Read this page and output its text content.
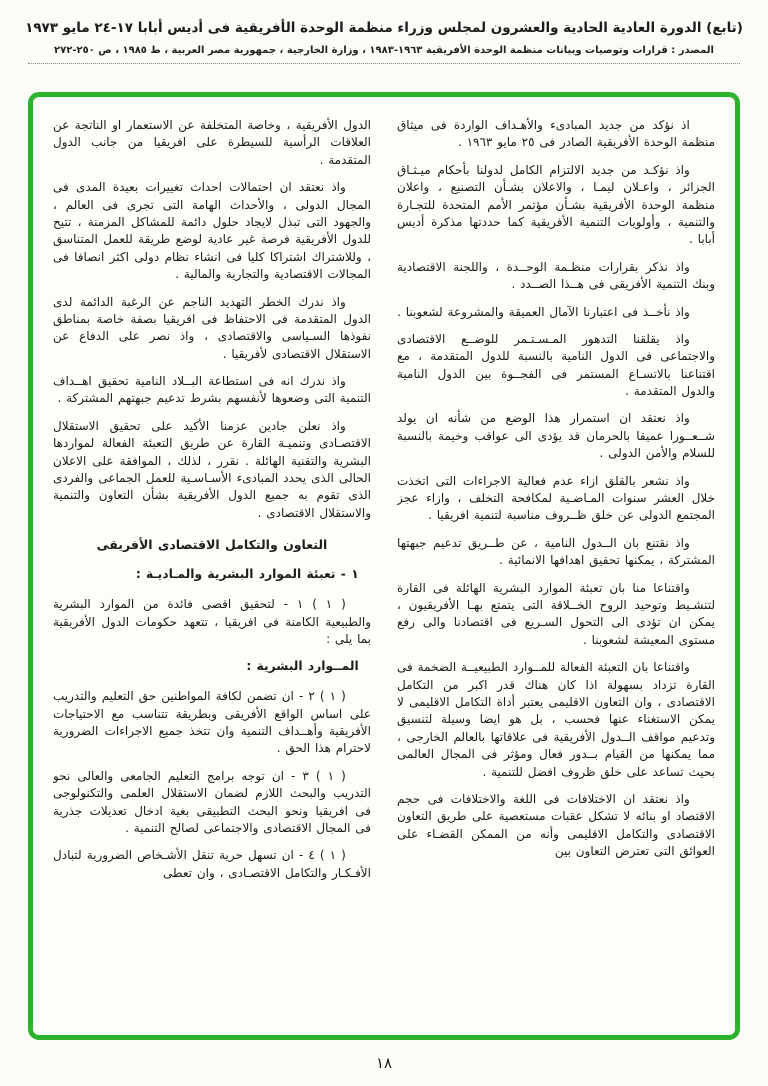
(تابع) الدورة العادية الحادية والعشرون لمجلس وزراء منظمة الوحدة الأفريقية فى أديس أبابا ١٧-٢٤ مايو ١٩٧٣
المصدر : قرارات وتوصيات وبيانات منظمة الوحدة الأفريقية ١٩٦٣-١٩٨٣ ، وزارة الخارجية ، جمهورية مصر العربية ، ط ١٩٨٥ ، ص ٢٥٠-٢٧٢

اذ نؤكد من جديد المبادىء والأهـداف الواردة فى ميثاق منظمة الوحدة الأفريقية الصادر فى ٢٥ مايو ١٩٦٣ .

واذ نؤكـد من جديد الالتزام الكامل لدولنا بأحكام ميـثـاق الجزائر ، واعـلان ليمـا ، والاعلان بشـأن التصنيع ، واعلان منظمة الوحدة الأفريقية بشـأن مؤتمر الأمم المتحدة للتجـارة والتنمية ، وأولويات التنمية الأفريقية كما حددتها مذكرة أديس أبابا .

واذ نذكر بقرارات منظـمة الوحــدة ، واللجنة الاقتصادية وبنك التنمية الأفريقى فى هــذا الصــدد .

واذ نأخــذ فى اعتبارنا الآمال العميقة والمشروعة لشعوبنا .

واذ يقلقنا التدهور المـسـتـمر للوضــع الاقتصادى والاجتماعى فى الدول النامية بالنسبة للدول المتقدمة ، مع اقتناعنا بالاتسـاع المستمر فى الفجــوة بين الدول النامية والدول المتقدمة .

واذ نعتقد ان استمرار هذا الوضع من شأنه ان يولد شــعــورا عميقا بالحرمان قد يؤدى الى عواقب وخيمة بالنسبة للسلام والأمن الدولى .

واذ نشعر بالقلق ازاء عدم فعالية الاجراءات التى اتخذت خلال العشر سنوات المـاضـية لمكافحة التخلف ، وازاء عجز المجتمع الدولى عن خلق ظــروف مناسبة لتنمية افريقيا .

واذ نقتنع بان الــدول النامية ، عن طــريق تدعيم جبهتها المشتركة ، يمكنها تحقيق اهدافها الانمائية .

واقتناعا منا بان تعبئة الموارد البشرية الهائلة فى القارة لتنشـيط وتوحيد الروح الخــلاقة التى يتمتع بهـا الأفريقيون ، يمكن ان تؤدى الى التحول السـريع فى اقتصادنا والى رفع مستوى المعيشة لشعوبنا .

واقتناعا بان التعبئة الفعالة للمــوارد الطبيعيــة الضخمة فى القارة تزداد بسهولة اذا كان هناك قدر اكبر من التكامل الاقتصادى ، وان التعاون الاقليمى يعتبر أداة التكامل الاقليمى لا يمكن الاستغناء عنها فحسب ، بل هو ايضا وسيلة لتنسيق وتدعيم مواقف الــدول الأفريقية فى علاقاتها بالعالم الخارجى ، مما يمكنها من القيام بــدور فعال ومؤثر فى المجال العالمى بحيث تساعد على خلق ظروف افضل للتنمية .

واذ نعتقد ان الاختلافات فى اللغة والاختلافات فى حجم الاقتصاد او بنائه لا تشكل عقبات مستعصية على طريق التعاون الاقتصادى والتكامل الاقليمى وأنه من الممكن القضـاء على العوائق التى تعترض التعاون بين

الدول الأفريقية ، وخاصة المتخلفة عن الاستعمار او الناتجة عن العلاقات الرأسية للسيطرة على افريقيا من جانب الدول المتقدمة .

واذ نعتقد ان احتمالات احداث تغييرات بعيدة المدى فى المجال الدولى ، والأحداث الهامة التى تجرى فى العالم ، والجهود التى تبذل لايجاد حلول دائمة للمشاكل المزمنة ، تتيح للدول الأفريقية فرصة غير عادية لوضع طريقة للعمل المتناسق ، وللاشتراك اشتراكا كليا فى انشاء نظام دولى اكثر انصافا فى المجالات الاقتصادية والتجارية والمالية .

واذ ندرك الخطر التهديد الناجم عن الرغبة الدائمة لدى الدول المتقدمة فى الاحتفاظ فى افريقيا بصفة خاصة بمناطق نفوذها السـياسى والاقتصادى ، واذ نصر على الدفاع عن الاستقلال الاقتصادى لأفريقيا .

واذ ندرك انه فى استطاعة البــلاد النامية تحقيق اهــداف التنمية التى وضعوها لأنفسهم بشرط تدعيم جبهتهم المشتركة .

واذ نعلن جادين عزمنا الأكيد على تحقيق الاستقلال الاقتصـادى وتنميـة القارة عن طريق التعبئة الفعالة لمواردها البشرية والتقنية الهائلة . نقرر ، لذلك ، الموافقة على الاعلان الحالى الذى يحدد المبادىء الأسـاسـية للعمل الجماعى والفردى الذى تقوم به جميع الدول الأفريقية بشأن التعاون والتنمية والاستقلال الاقتصادى .

التعاون والتكامل الاقتصادى الأفريقى

١ - تعبئة الموارد البشرية والمـاديـة :

( ١ ) ١ - لتحقيق اقصى فائدة من الموارد البشرية والطبيعية الكامنة فى افريقيا ، تتعهد حكومات الدول الأفريقية بما يلى :

المــوارد البشرية :

( ١ ) ٢ - ان تضمن لكافة المواطنين حق التعليم والتدريب على اساس الواقع الأفريقى وبطريقة تتناسب مع الاحتياجات الأفريقية وأهــداف التنمية وان تتخذ جميع الاجراءات الضرورية لاحترام هذا الحق .

( ١ ) ٣ - ان توجه برامج التعليم الجامعى والعالى نحو التدريب والبحث اللازم لضمان الاستقلال العلمى والتكنولوجى فى افريقيا ونحو البحث التطبيقى بغية ادخال تعديلات جذرية فى المجال الاقتصادى والاجتماعى لصالح التنمية .

( ١ ) ٤ - ان تسهل حرية تنقل الأشـخاص الضرورية لتبادل الأفـكـار والتكامل الاقتصـادى ، وان تعطى

١٨
